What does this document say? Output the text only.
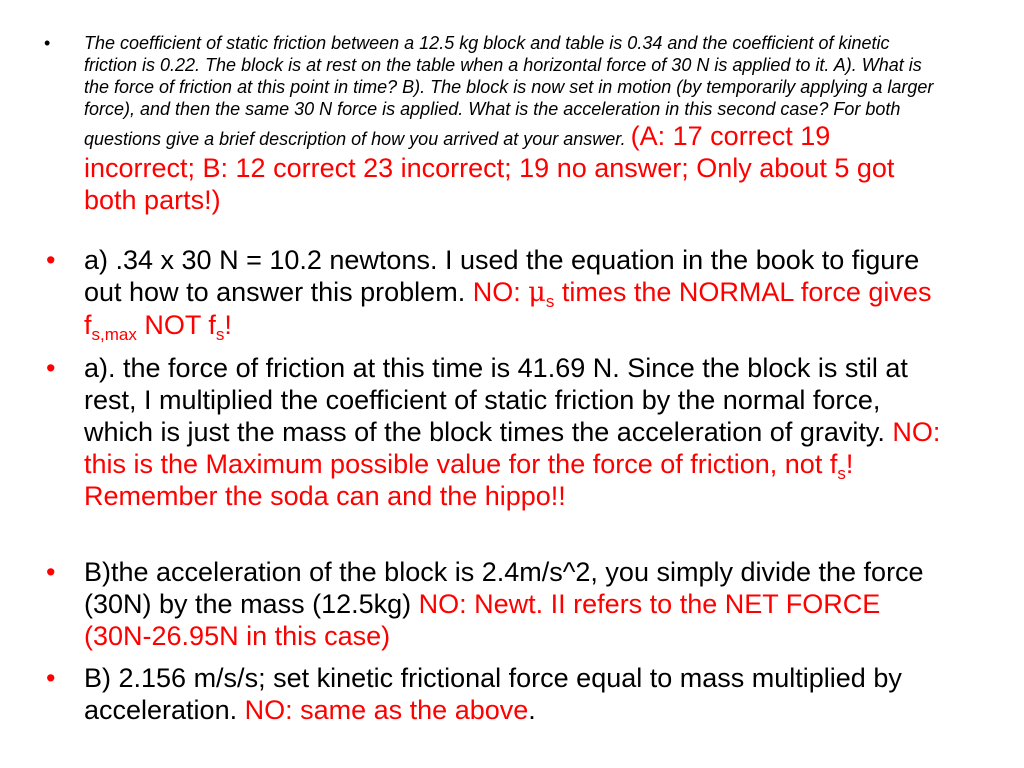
• The coefficient of static friction between a 12.5 kg block and table is 0.34 and the coefficient of kinetic friction is 0.22. The block is at rest on the table when a horizontal force of 30 N is applied to it. A). What is the force of friction at this point in time? B). The block is now set in motion (by temporarily applying a larger force), and then the same 30 N force is applied. What is the acceleration in this second case? For both questions give a brief description of how you arrived at your answer. (A: 17 correct 19 incorrect; B: 12 correct 23 incorrect; 19 no answer; Only about 5 got both parts!)
• a) .34 x 30 N = 10.2 newtons. I used the equation in the book to figure out how to answer this problem. NO: $\mu_s$ times the NORMAL force gives $f_{s,max}$ NOT $f_s$!
• a). the force of friction at this time is 41.69 N. Since the block is stil at rest, I multiplied the coefficient of static friction by the normal force, which is just the mass of the block times the acceleration of gravity. NO: this is the Maximum possible value for the force of friction, not $f_s$! Remember the soda can and the hippo!!
• B)the acceleration of the block is 2.4m/s^2, you simply divide the force (30N) by the mass (12.5kg) NO: Newt. II refers to the NET FORCE (30N-26.95N in this case)
• B) 2.156 m/s/s; set kinetic frictional force equal to mass multiplied by acceleration. NO: same as the above.
